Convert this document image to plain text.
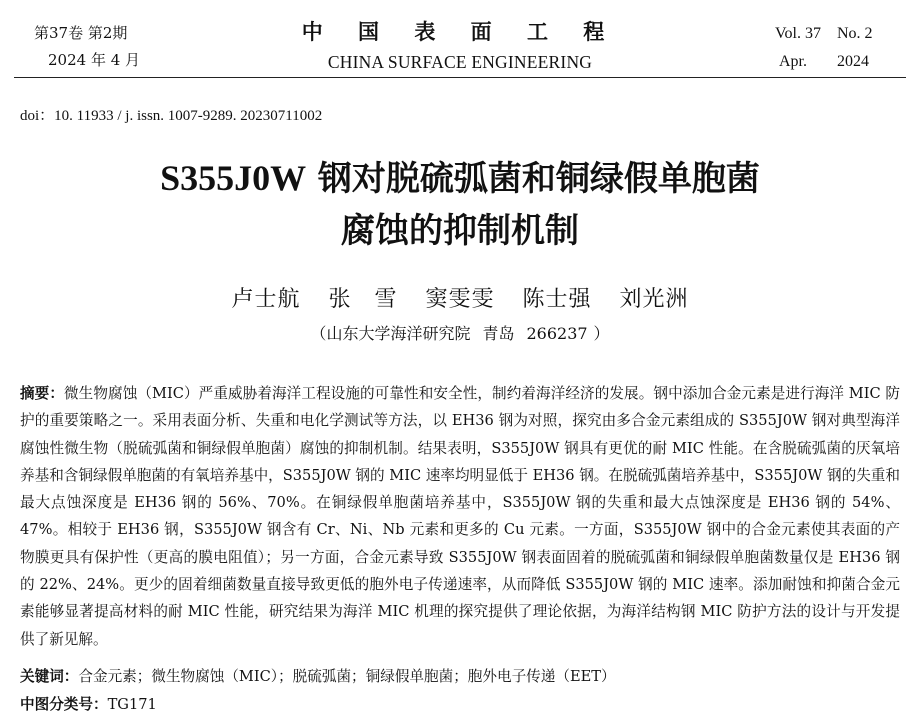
第37卷 第2期
2024 年 4 月
中 国 表 面 工 程
CHINA SURFACE ENGINEERING
Vol. 37	No. 2
Apr.	2024
doi：10. 11933 / j. issn. 1007-9289. 20230711002
S355J0W 钢对脱硫弧菌和铜绿假单胞菌
腐蚀的抑制机制
卢士航 张　雪 窦雯雯 陈士强 刘光洲
（山东大学海洋研究院 青岛 266237 ）

摘要：微生物腐蚀（MIC）严重威胁着海洋工程设施的可靠性和安全性，制约着海洋经济的发展。钢中添加合金元素是进行海洋 MIC 防护的重要策略之一。采用表面分析、失重和电化学测试等方法，以 EH36 钢为对照，探究由多合金元素组成的 S355J0W 钢对典型海洋腐蚀性微生物（脱硫弧菌和铜绿假单胞菌）腐蚀的抑制机制。结果表明，S355J0W 钢具有更优的耐 MIC 性能。在含脱硫弧菌的厌氧培养基和含铜绿假单胞菌的有氧培养基中，S355J0W 钢的 MIC 速率均明显低于 EH36 钢。在脱硫弧菌培养基中，S355J0W 钢的失重和最大点蚀深度是 EH36 钢的 56%、70%。在铜绿假单胞菌培养基中，S355J0W 钢的失重和最大点蚀深度是 EH36 钢的 54%、47%。相较于 EH36 钢，S355J0W 钢含有 Cr、Ni、Nb 元素和更多的 Cu 元素。一方面，S355J0W 钢中的合金元素使其表面的产物膜更具有保护性（更高的膜电阻值）；另一方面，合金元素导致 S355J0W 钢表面固着的脱硫弧菌和铜绿假单胞菌数量仅是 EH36 钢的 22%、24%。更少的固着细菌数量直接导致更低的胞外电子传递速率，从而降低 S355J0W 钢的 MIC 速率。添加耐蚀和抑菌合金元素能够显著提高材料的耐 MIC 性能，研究结果为海洋 MIC 机理的探究提供了理论依据，为海洋结构钢 MIC 防护方法的设计与开发提供了新见解。

关键词：合金元素；微生物腐蚀（MIC）；脱硫弧菌；铜绿假单胞菌；胞外电子传递（EET）
中图分类号：TG171
